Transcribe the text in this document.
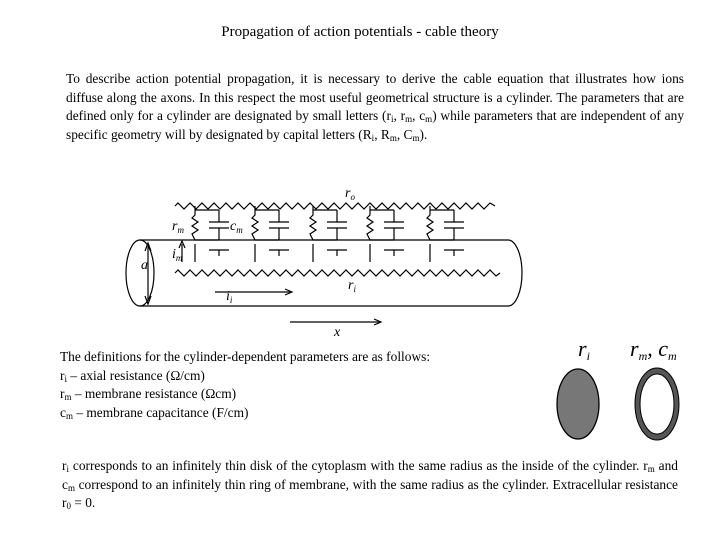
Propagation of action potentials - cable theory

To describe action potential propagation, it is necessary to derive the cable equation that illustrates how ions diffuse along the axons. In this respect the most useful geometrical structure is a cylinder. The parameters that are defined only for a cylinder are designated by small letters ($r_i$, $r_m$, $c_m$) while parameters that are independent of any specific geometry will by designated by capital letters ($R_i$, $R_m$, $C_m$).

$r_o$
$r_m$	$c_m$
$i_m$
a
$r_i$
$i_i$
x
The definitions for the cylinder-dependent parameters are as follows:
$r_i$ – axial resistance (Ω/cm)
$r_m$ – membrane resistance (Ωcm)
$c_m$ – membrane capacitance (F/cm)
$r_i$ $r_m$, $c_m$

$r_i$ corresponds to an infinitely thin disk of the cytoplasm with the same radius as the inside of the cylinder. $r_m$ and $c_m$ correspond to an infinitely thin ring of membrane, with the same radius as the cylinder. Extracellular resistance $r_0 = 0$.
